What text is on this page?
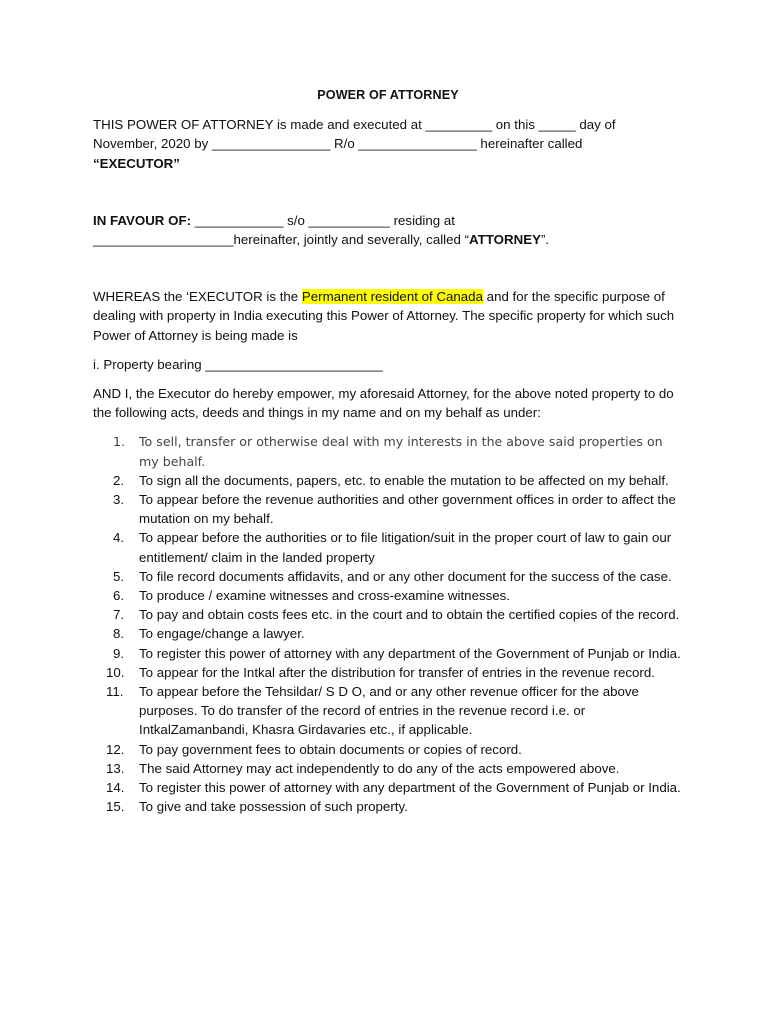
POWER OF ATTORNEY

THIS POWER OF ATTORNEY is made and executed at _________ on this _____ day of
November, 2020 by ________________ R/o ________________ hereinafter called
“EXECUTOR”

IN FAVOUR OF: ____________ s/o ___________ residing at
___________________hereinafter, jointly and severally, called “ATTORNEY”.

WHEREAS the ‘EXECUTOR is the Permanent resident of Canada and for the specific purpose of dealing with property in India executing this Power of Attorney. The specific property for which such Power of Attorney is being made is

i. Property bearing ________________________

AND I, the Executor do hereby empower, my aforesaid Attorney, for the above noted property to do the following acts, deeds and things in my name and on my behalf as under:

1. To sell, transfer or otherwise deal with my interests in the above said properties on my behalf.
2. To sign all the documents, papers, etc. to enable the mutation to be affected on my behalf.
3. To appear before the revenue authorities and other government offices in order to affect the mutation on my behalf.
4. To appear before the authorities or to file litigation/suit in the proper court of law to gain our entitlement/ claim in the landed property
5. To file record documents affidavits, and or any other document for the success of the case.
6. To produce / examine witnesses and cross-examine witnesses.
7. To pay and obtain costs fees etc. in the court and to obtain the certified copies of the record.
8. To engage/change a lawyer.
9. To register this power of attorney with any department of the Government of Punjab or India.
10. To appear for the Intkal after the distribution for transfer of entries in the revenue record.
11. To appear before the Tehsildar/ S D O, and or any other revenue officer for the above purposes. To do transfer of the record of entries in the revenue record i.e. or IntkalZamanbandi, Khasra Girdavaries etc., if applicable.
12. To pay government fees to obtain documents or copies of record.
13. The said Attorney may act independently to do any of the acts empowered above.
14. To register this power of attorney with any department of the Government of Punjab or India.
15. To give and take possession of such property.
